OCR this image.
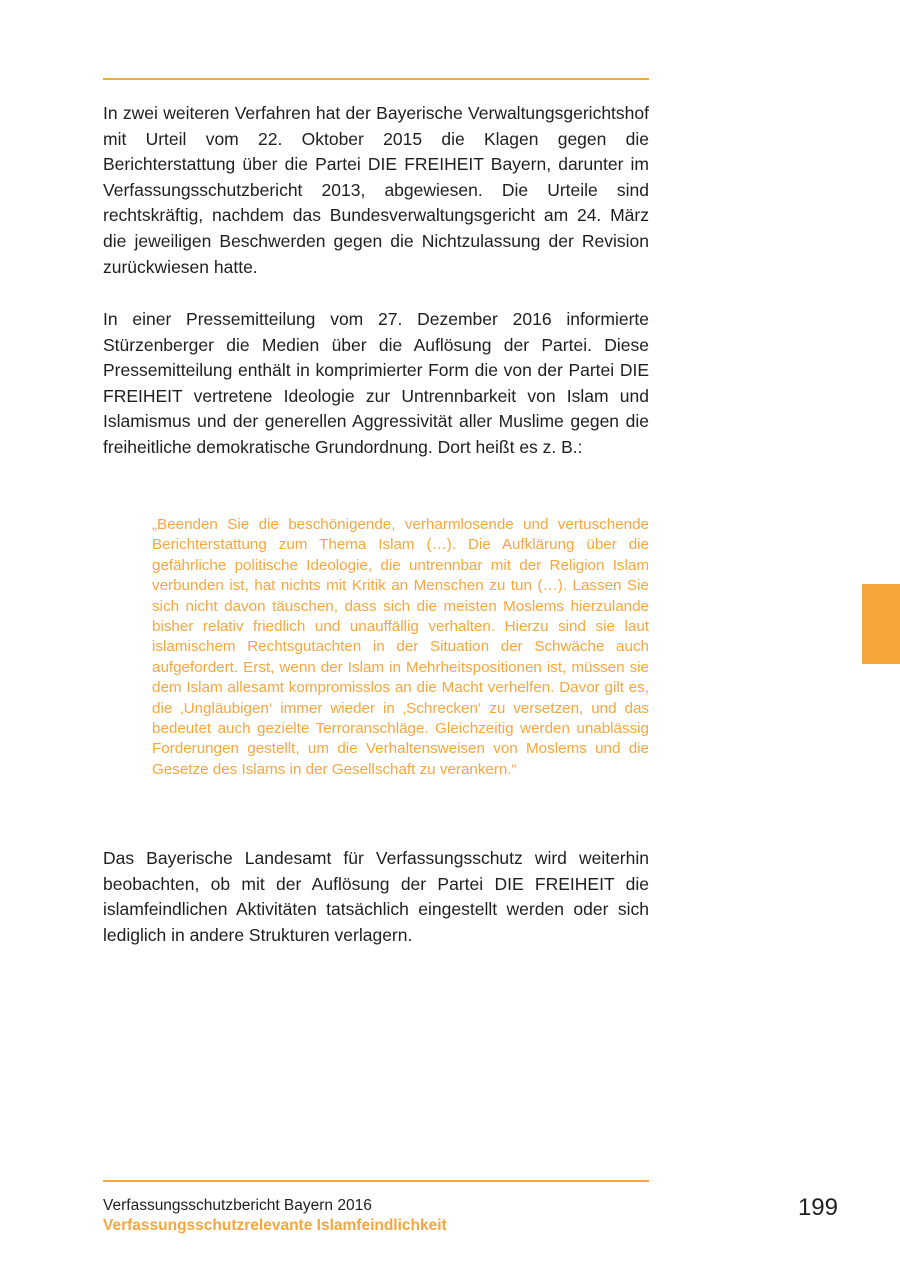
In zwei weiteren Verfahren hat der Bayerische Verwaltungsgerichtshof mit Urteil vom 22. Oktober 2015 die Klagen gegen die Berichterstattung über die Partei DIE FREIHEIT Bayern, darunter im Verfassungsschutzbericht 2013, abgewiesen. Die Urteile sind rechtskräftig, nachdem das Bundesverwaltungsgericht am 24. März die jeweiligen Beschwerden gegen die Nichtzulassung der Revision zurückwiesen hatte.

In einer Pressemitteilung vom 27. Dezember 2016 informierte Stürzenberger die Medien über die Auflösung der Partei. Diese Pressemitteilung enthält in komprimierter Form die von der Partei DIE FREIHEIT vertretene Ideologie zur Untrennbarkeit von Islam und Islamismus und der generellen Aggressivität aller Muslime gegen die freiheitliche demokratische Grundordnung. Dort heißt es z. B.:

„Beenden Sie die beschönigende, verharmlosende und vertuschende Berichterstattung zum Thema Islam (…). Die Aufklärung über die gefährliche politische Ideologie, die untrennbar mit der Religion Islam verbunden ist, hat nichts mit Kritik an Menschen zu tun (…). Lassen Sie sich nicht davon täuschen, dass sich die meisten Moslems hierzulande bisher relativ friedlich und unauffällig verhalten. Hierzu sind sie laut islamischem Rechtsgutachten in der Situation der Schwäche auch aufgefordert. Erst, wenn der Islam in Mehrheitspositionen ist, müssen sie dem Islam allesamt kompromisslos an die Macht verhelfen. Davor gilt es, die ‚Ungläubigen‘ immer wieder in ‚Schrecken‘ zu versetzen, und das bedeutet auch gezielte Terroranschläge. Gleichzeitig werden unablässig Forderungen gestellt, um die Verhaltensweisen von Moslems und die Gesetze des Islams in der Gesellschaft zu verankern.“

Das Bayerische Landesamt für Verfassungsschutz wird weiterhin beobachten, ob mit der Auflösung der Partei DIE FREIHEIT die islamfeindlichen Aktivitäten tatsächlich eingestellt werden oder sich lediglich in andere Strukturen verlagern.

Verfassungsschutzbericht Bayern 2016

Verfassungsschutzrelevante Islamfeindlichkeit

199
